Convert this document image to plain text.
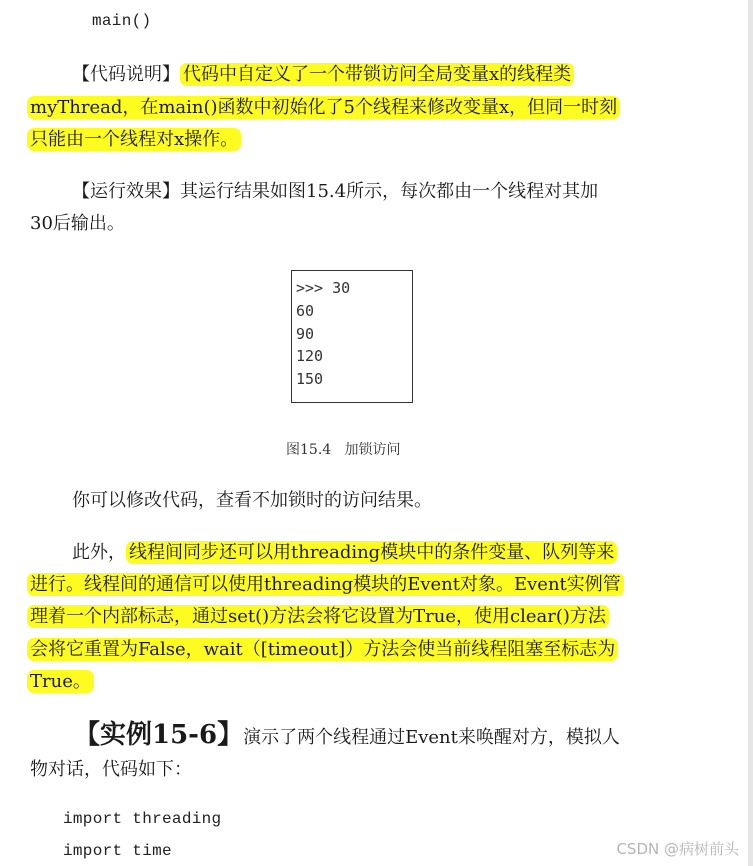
main()
【代码说明】 代码中自定义了一个带锁访问全局变量x的线程类
myThread，在main()函数中初始化了5个线程来修改变量x，但同一时刻
只能由一个线程对x操作。
【运行效果】其运行结果如图15.4所示，每次都由一个线程对其加
30后输出。
>>> 30
60
90
120
150
图15.4   加锁访问
你可以修改代码，查看不加锁时的访问结果。
此外， 线程间同步还可以用threading模块中的条件变量、队列等来
进行。线程间的通信可以使用threading模块的Event对象。Event实例管
理着一个内部标志，通过set()方法会将它设置为True，使用clear()方法
会将它重置为False，wait（[timeout]）方法会使当前线程阻塞至标志为
True。
【实例15-6】演示了两个线程通过Event来唤醒对方，模拟人
物对话，代码如下：
import threading
import time	CSDN @病树前头
